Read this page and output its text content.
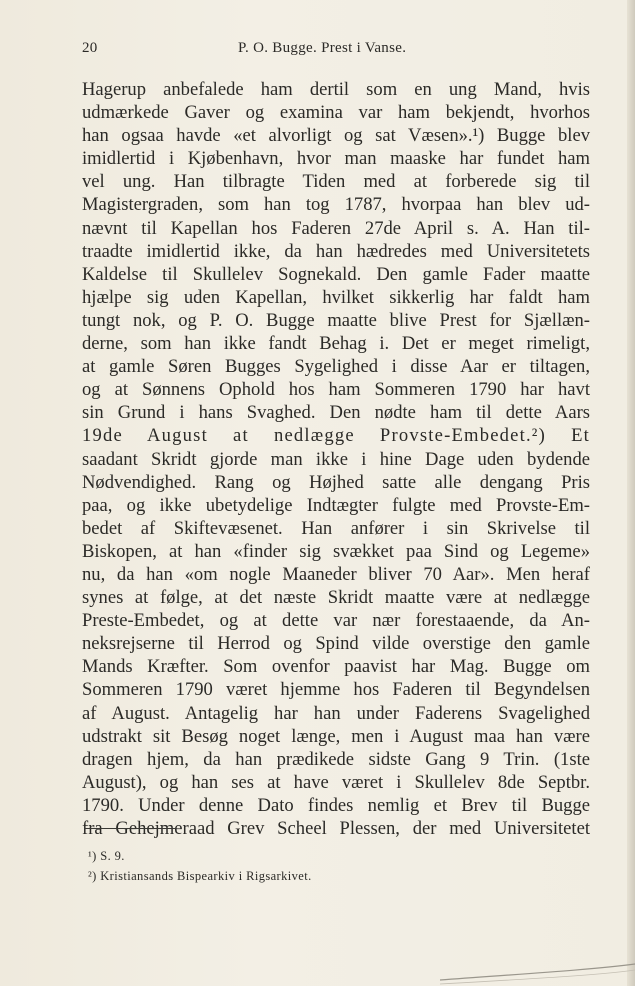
20	P. O. Bugge. Prest i Vanse.
Hagerup anbefalede ham dertil som en ung Mand, hvis
udmærkede Gaver og examina var ham bekjendt, hvorhos
han ogsaa havde «et alvorligt og sat Væsen».¹) Bugge blev
imidlertid i Kjøbenhavn, hvor man maaske har fundet ham
vel ung. Han tilbragte Tiden med at forberede sig til
Magistergraden, som han tog 1787, hvorpaa han blev ud-
nævnt til Kapellan hos Faderen 27de April s. A. Han til-
traadte imidlertid ikke, da han hædredes med Universitetets
Kaldelse til Skullelev Sognekald. Den gamle Fader maatte
hjælpe sig uden Kapellan, hvilket sikkerlig har faldt ham
tungt nok, og P. O. Bugge maatte blive Prest for Sjællæn-
derne, som han ikke fandt Behag i. Det er meget rimeligt,
at gamle Søren Bugges Sygelighed i disse Aar er tiltagen,
og at Sønnens Ophold hos ham Sommeren 1790 har havt
sin Grund i hans Svaghed. Den nødte ham til dette Aars
19de August at nedlægge Provste-Embedet.²) Et
saadant Skridt gjorde man ikke i hine Dage uden bydende
Nødvendighed. Rang og Højhed satte alle dengang Pris
paa, og ikke ubetydelige Indtægter fulgte med Provste-Em-
bedet af Skiftevæsenet. Han anfører i sin Skrivelse til
Biskopen, at han «finder sig svækket paa Sind og Legeme»
nu, da han «om nogle Maaneder bliver 70 Aar». Men heraf
synes at følge, at det næste Skridt maatte være at nedlægge
Preste-Embedet, og at dette var nær forestaaende, da An-
neksrejserne til Herrod og Spind vilde overstige den gamle
Mands Kræfter. Som ovenfor paavist har Mag. Bugge om
Sommeren 1790 været hjemme hos Faderen til Begyndelsen
af August. Antagelig har han under Faderens Svagelighed
udstrakt sit Besøg noget længe, men i August maa han være
dragen hjem, da han prædikede sidste Gang 9 Trin. (1ste
August), og han ses at have været i Skullelev 8de Septbr.
1790. Under denne Dato findes nemlig et Brev til Bugge
fra Gehejmeraad Grev Scheel Plessen, der med Universitetet
¹) S. 9.
²) Kristiansands Bispearkiv i Rigsarkivet.
